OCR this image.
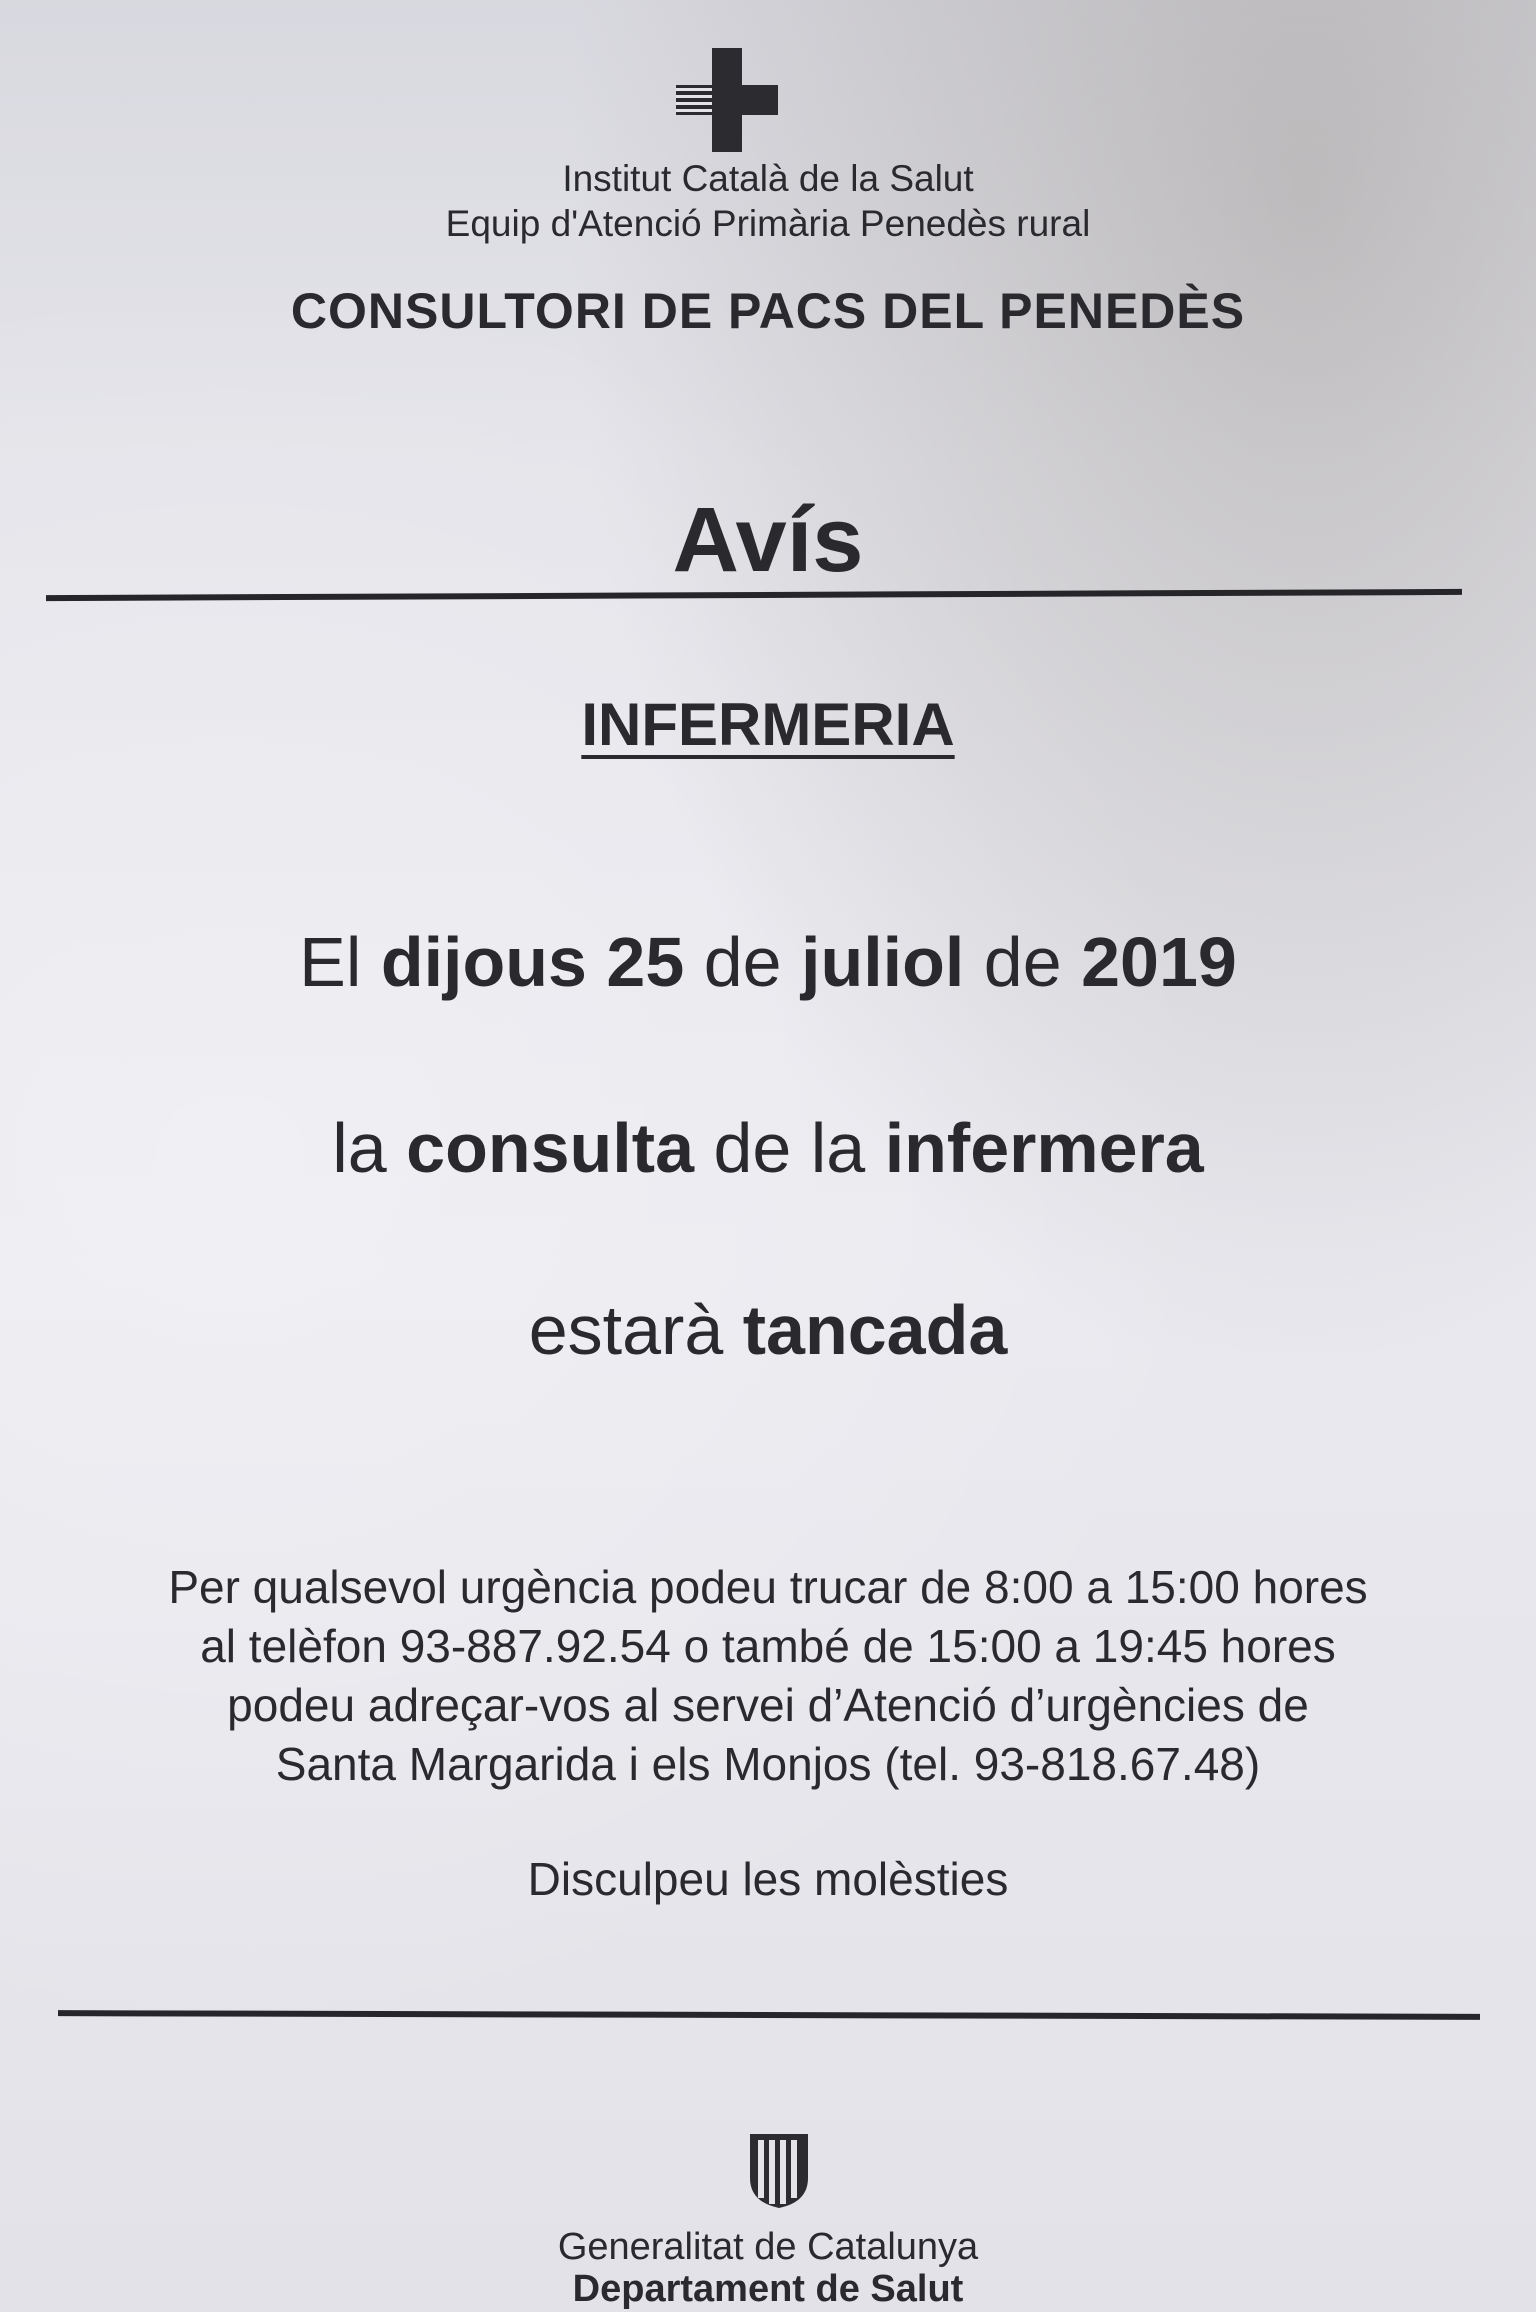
Institut Català de la Salut
Equip d'Atenció Primària Penedès rural
CONSULTORI DE PACS DEL PENEDÈS
Avís
INFERMERIA
El dijous 25 de juliol de 2019
la consulta de la infermera
estarà tancada
Per qualsevol urgència podeu trucar de 8:00 a 15:00 hores
al telèfon 93-887.92.54 o també de 15:00 a 19:45 hores
podeu adreçar-vos al servei d’Atenció d’urgències de
Santa Margarida i els Monjos (tel. 93-818.67.48)
Disculpeu les molèsties
Generalitat de Catalunya
Departament de Salut
